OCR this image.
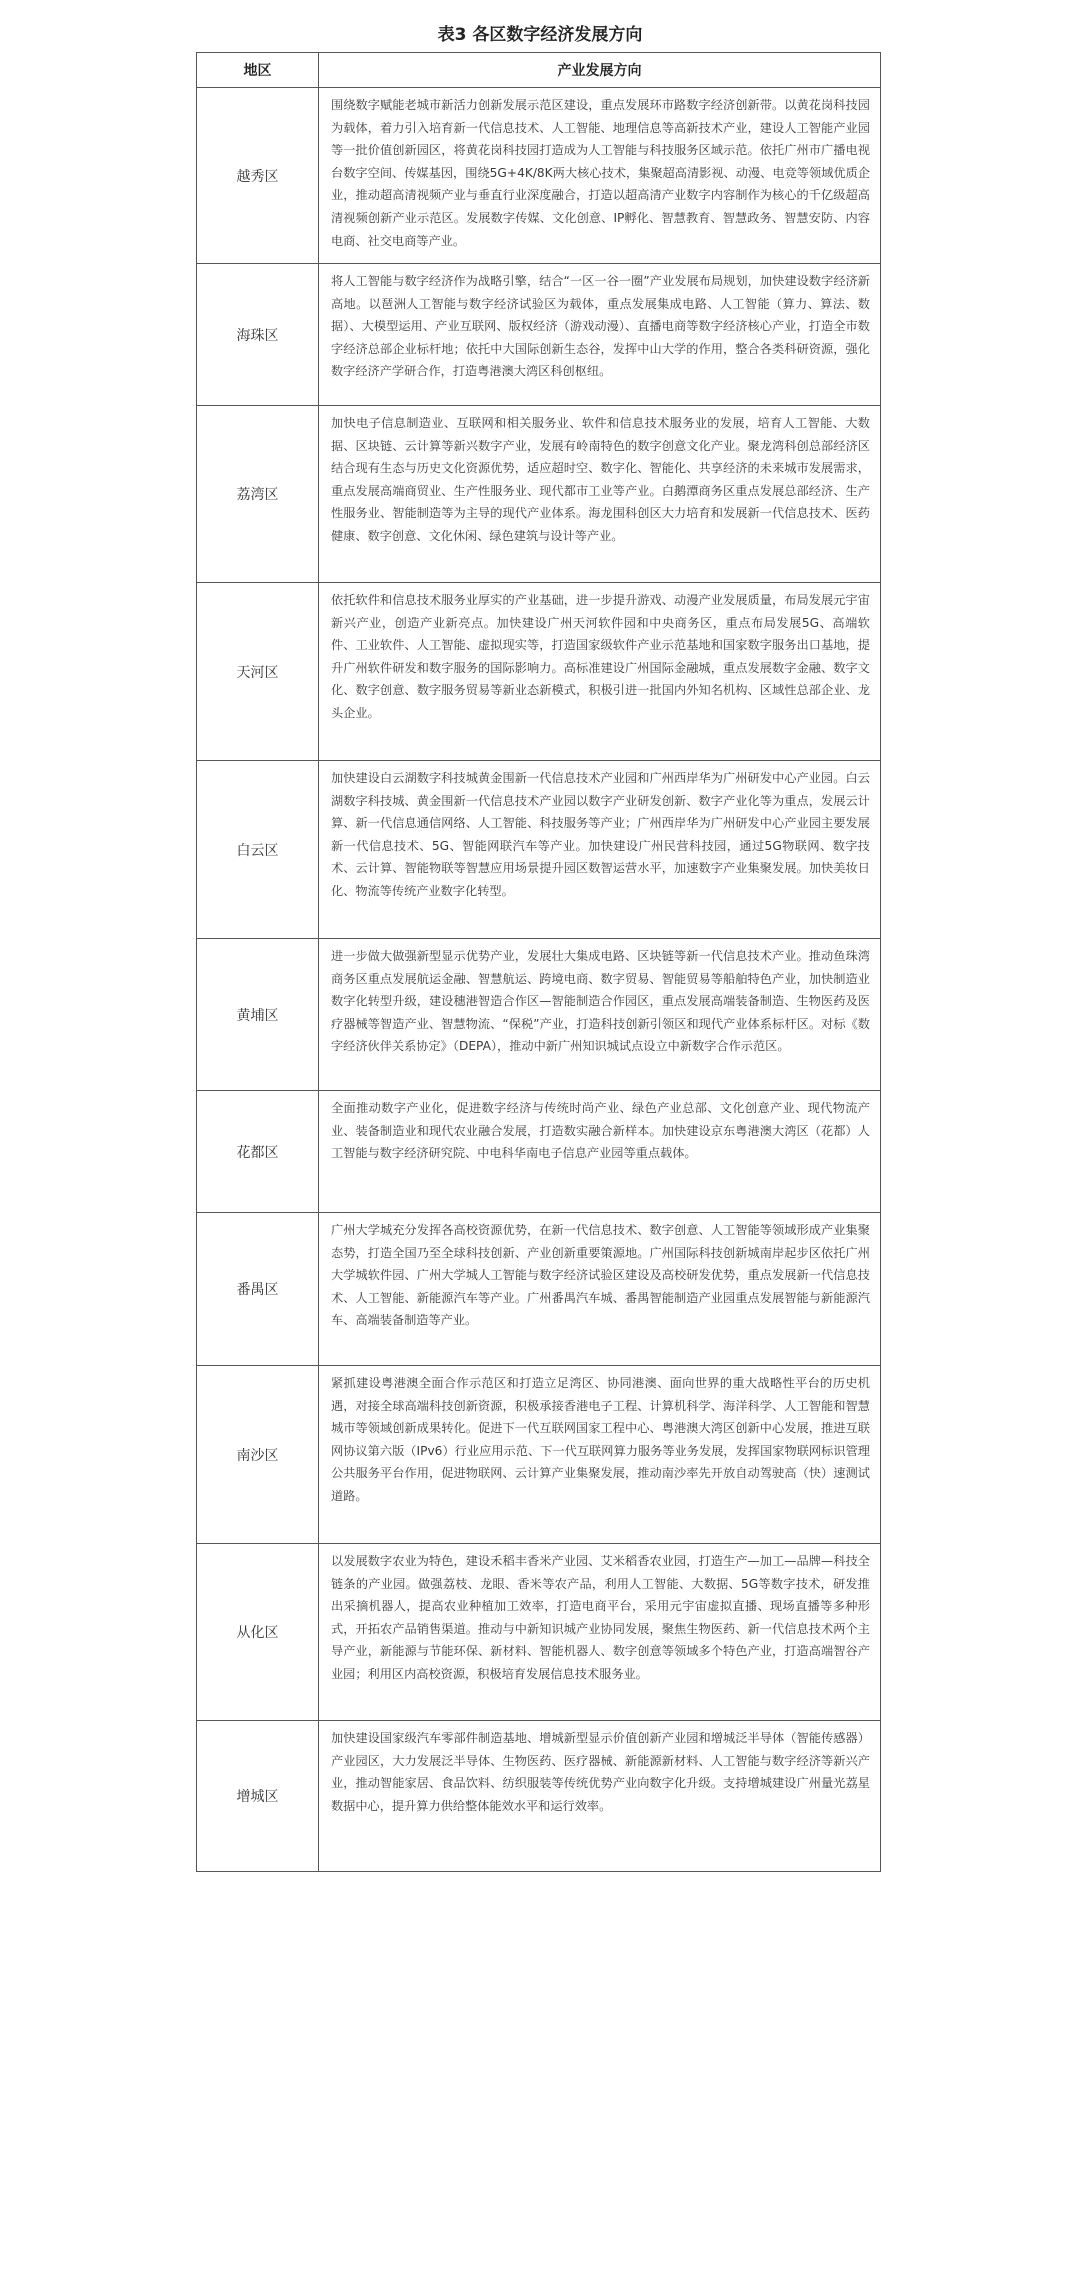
表3 各区数字经济发展方向
地区	产业发展方向
越秀区	围绕数字赋能老城市新活力创新发展示范区建设，重点发展环市路数字经济创新带。以黄花岗科技园为载体，着力引入培育新一代信息技术、人工智能、地理信息等高新技术产业，建设人工智能产业园等一批价值创新园区，将黄花岗科技园打造成为人工智能与科技服务区域示范。依托广州市广播电视台数字空间、传媒基因，围绕5G+4K/8K两大核心技术，集聚超高清影视、动漫、电竞等领域优质企业，推动超高清视频产业与垂直行业深度融合，打造以超高清产业数字内容制作为核心的千亿级超高清视频创新产业示范区。发展数字传媒、文化创意、IP孵化、智慧教育、智慧政务、智慧安防、内容电商、社交电商等产业。
海珠区	将人工智能与数字经济作为战略引擎，结合“一区一谷一圈”产业发展布局规划，加快建设数字经济新高地。以琶洲人工智能与数字经济试验区为载体，重点发展集成电路、人工智能（算力、算法、数据）、大模型运用、产业互联网、版权经济（游戏动漫）、直播电商等数字经济核心产业，打造全市数字经济总部企业标杆地；依托中大国际创新生态谷，发挥中山大学的作用，整合各类科研资源，强化数字经济产学研合作，打造粤港澳大湾区科创枢纽。
荔湾区	加快电子信息制造业、互联网和相关服务业、软件和信息技术服务业的发展，培育人工智能、大数据、区块链、云计算等新兴数字产业，发展有岭南特色的数字创意文化产业。聚龙湾科创总部经济区结合现有生态与历史文化资源优势，适应超时空、数字化、智能化、共享经济的未来城市发展需求，重点发展高端商贸业、生产性服务业、现代都市工业等产业。白鹅潭商务区重点发展总部经济、生产性服务业、智能制造等为主导的现代产业体系。海龙围科创区大力培育和发展新一代信息技术、医药健康、数字创意、文化休闲、绿色建筑与设计等产业。
天河区	依托软件和信息技术服务业厚实的产业基础，进一步提升游戏、动漫产业发展质量，布局发展元宇宙新兴产业，创造产业新亮点。加快建设广州天河软件园和中央商务区，重点布局发展5G、高端软件、工业软件、人工智能、虚拟现实等，打造国家级软件产业示范基地和国家数字服务出口基地，提升广州软件研发和数字服务的国际影响力。高标准建设广州国际金融城，重点发展数字金融、数字文化、数字创意、数字服务贸易等新业态新模式，积极引进一批国内外知名机构、区域性总部企业、龙头企业。
白云区	加快建设白云湖数字科技城黄金围新一代信息技术产业园和广州西岸华为广州研发中心产业园。白云湖数字科技城、黄金围新一代信息技术产业园以数字产业研发创新、数字产业化等为重点，发展云计算、新一代信息通信网络、人工智能、科技服务等产业；广州西岸华为广州研发中心产业园主要发展新一代信息技术、5G、智能网联汽车等产业。加快建设广州民营科技园，通过5G物联网、数字技术、云计算、智能物联等智慧应用场景提升园区数智运营水平，加速数字产业集聚发展。加快美妆日化、物流等传统产业数字化转型。
黄埔区	进一步做大做强新型显示优势产业，发展壮大集成电路、区块链等新一代信息技术产业。推动鱼珠湾商务区重点发展航运金融、智慧航运、跨境电商、数字贸易、智能贸易等船舶特色产业，加快制造业数字化转型升级，建设穗港智造合作区—智能制造合作园区，重点发展高端装备制造、生物医药及医疗器械等智造产业、智慧物流、“保税”产业，打造科技创新引领区和现代产业体系标杆区。对标《数字经济伙伴关系协定》（DEPA），推动中新广州知识城试点设立中新数字合作示范区。
花都区	全面推动数字产业化，促进数字经济与传统时尚产业、绿色产业总部、文化创意产业、现代物流产业、装备制造业和现代农业融合发展，打造数实融合新样本。加快建设京东粤港澳大湾区（花都）人工智能与数字经济研究院、中电科华南电子信息产业园等重点载体。
番禺区	广州大学城充分发挥各高校资源优势，在新一代信息技术、数字创意、人工智能等领域形成产业集聚态势，打造全国乃至全球科技创新、产业创新重要策源地。广州国际科技创新城南岸起步区依托广州大学城软件园、广州大学城人工智能与数字经济试验区建设及高校研发优势，重点发展新一代信息技术、人工智能、新能源汽车等产业。广州番禺汽车城、番禺智能制造产业园重点发展智能与新能源汽车、高端装备制造等产业。
南沙区	紧抓建设粤港澳全面合作示范区和打造立足湾区、协同港澳、面向世界的重大战略性平台的历史机遇，对接全球高端科技创新资源，积极承接香港电子工程、计算机科学、海洋科学、人工智能和智慧城市等领域创新成果转化。促进下一代互联网国家工程中心、粤港澳大湾区创新中心发展，推进互联网协议第六版（IPv6）行业应用示范、下一代互联网算力服务等业务发展，发挥国家物联网标识管理公共服务平台作用，促进物联网、云计算产业集聚发展，推动南沙率先开放自动驾驶高（快）速测试道路。
从化区	以发展数字农业为特色，建设禾稻丰香米产业园、艾米稻香农业园，打造生产—加工—品牌—科技全链条的产业园。做强荔枝、龙眼、香米等农产品，利用人工智能、大数据、5G等数字技术，研发推出采摘机器人，提高农业种植加工效率，打造电商平台，采用元宇宙虚拟直播、现场直播等多种形式，开拓农产品销售渠道。推动与中新知识城产业协同发展，聚焦生物医药、新一代信息技术两个主导产业，新能源与节能环保、新材料、智能机器人、数字创意等领域多个特色产业，打造高端智谷产业园；利用区内高校资源，积极培育发展信息技术服务业。
增城区	加快建设国家级汽车零部件制造基地、增城新型显示价值创新产业园和增城泛半导体（智能传感器）产业园区，大力发展泛半导体、生物医药、医疗器械、新能源新材料、人工智能与数字经济等新兴产业，推动智能家居、食品饮料、纺织服装等传统优势产业向数字化升级。支持增城建设广州量光荔星数据中心，提升算力供给整体能效水平和运行效率。
